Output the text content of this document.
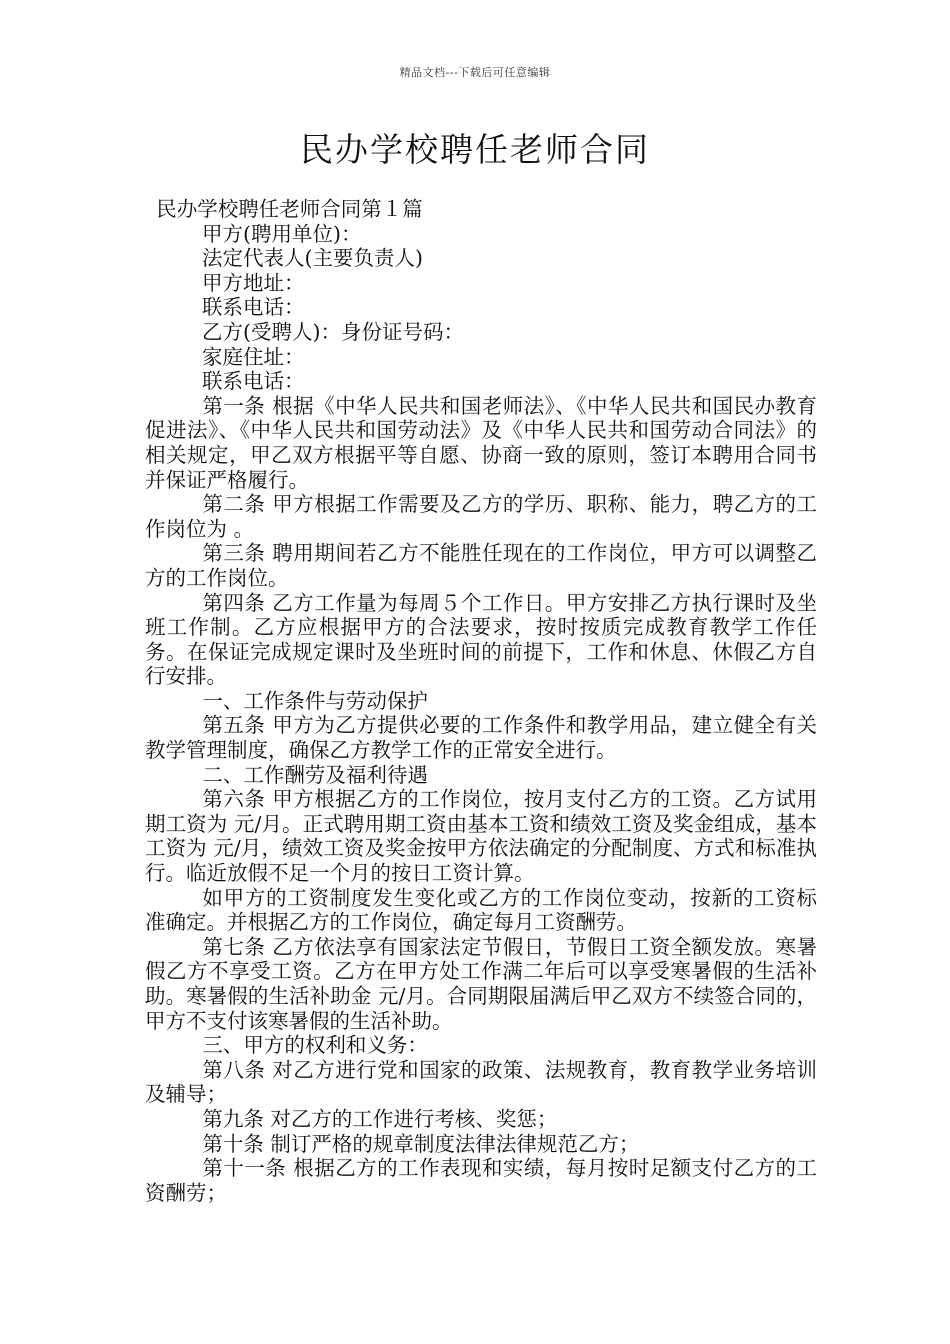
精品文档---下载后可任意编辑
民办学校聘任老师合同

民办学校聘任老师合同第１篇

甲方(聘用单位)：

法定代表人(主要负责人)

甲方地址：

联系电话：

乙方(受聘人)：身份证号码：

家庭住址：

联系电话：

第一条 根据《中华人民共和国老师法》、《中华人民共和国民办教育促进法》、《中华人民共和国劳动法》及《中华人民共和国劳动合同法》的相关规定，甲乙双方根据平等自愿、协商一致的原则，签订本聘用合同书并保证严格履行。

第二条 甲方根据工作需要及乙方的学历、职称、能力，聘乙方的工作岗位为 。

第三条 聘用期间若乙方不能胜任现在的工作岗位，甲方可以调整乙方的工作岗位。

第四条 乙方工作量为每周５个工作日。甲方安排乙方执行课时及坐班工作制。乙方应根据甲方的合法要求，按时按质完成教育教学工作任务。在保证完成规定课时及坐班时间的前提下，工作和休息、休假乙方自行安排。

一、工作条件与劳动保护

第五条 甲方为乙方提供必要的工作条件和教学用品，建立健全有关教学管理制度，确保乙方教学工作的正常安全进行。

二、工作酬劳及福利待遇

第六条 甲方根据乙方的工作岗位，按月支付乙方的工资。乙方试用期工资为 元/月。正式聘用期工资由基本工资和绩效工资及奖金组成，基本工资为 元/月，绩效工资及奖金按甲方依法确定的分配制度、方式和标准执行。临近放假不足一个月的按日工资计算。

如甲方的工资制度发生变化或乙方的工作岗位变动，按新的工资标准确定。并根据乙方的工作岗位，确定每月工资酬劳。

第七条 乙方依法享有国家法定节假日，节假日工资全额发放。寒暑假乙方不享受工资。乙方在甲方处工作满二年后可以享受寒暑假的生活补助。寒暑假的生活补助金 元/月。合同期限届满后甲乙双方不续签合同的，甲方不支付该寒暑假的生活补助。

三、甲方的权利和义务：

第八条 对乙方进行党和国家的政策、法规教育，教育教学业务培训及辅导；

第九条 对乙方的工作进行考核、奖惩；

第十条 制订严格的规章制度法律法律规范乙方；

第十一条 根据乙方的工作表现和实绩，每月按时足额支付乙方的工资酬劳；
